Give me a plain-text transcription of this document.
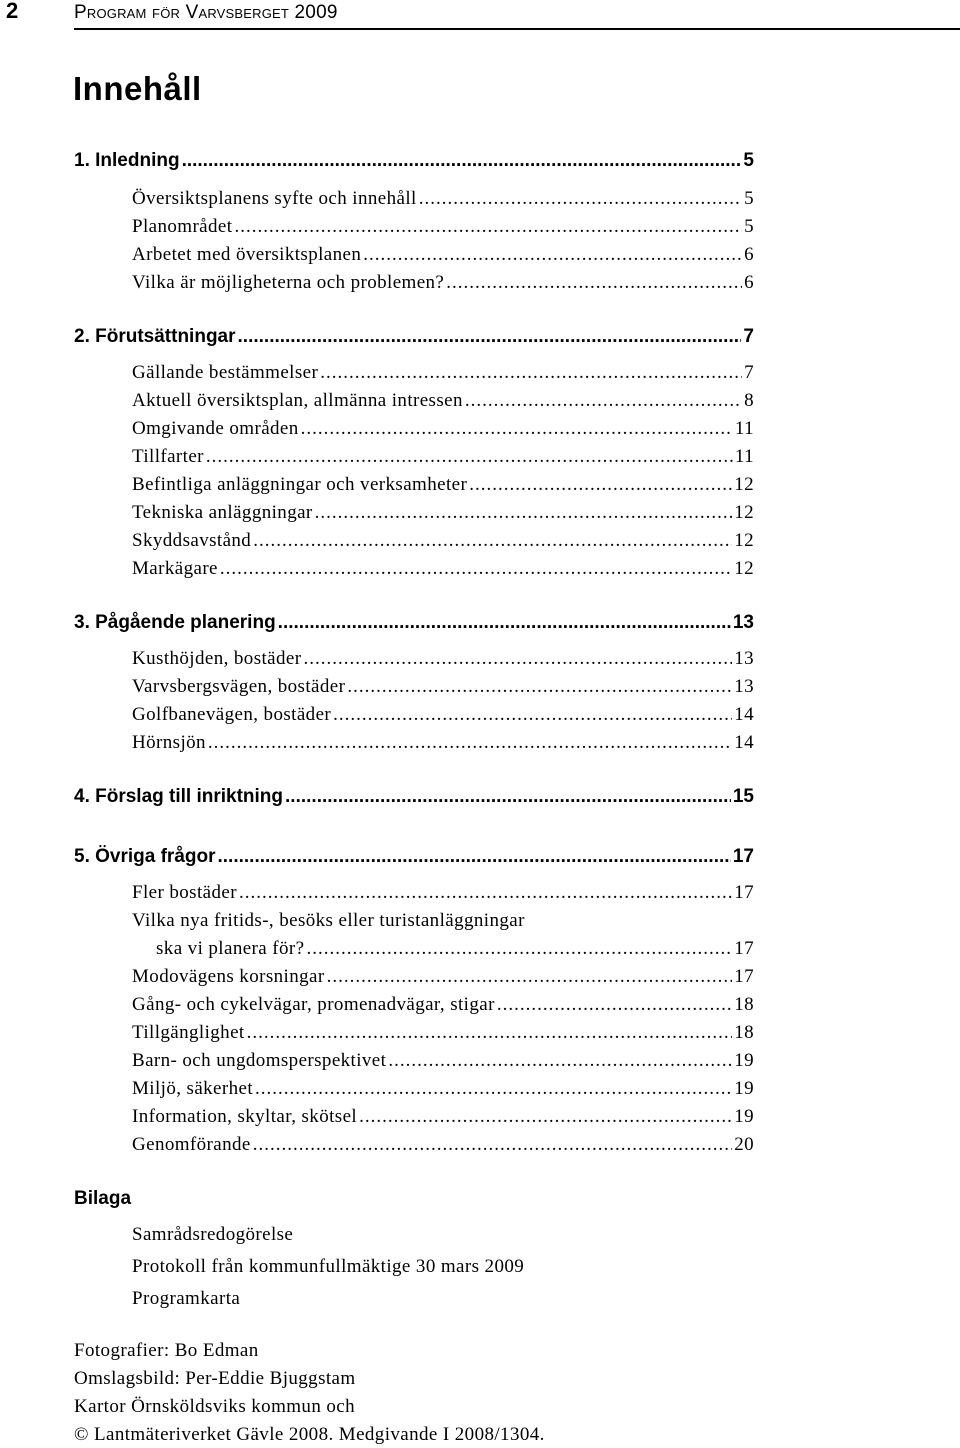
2	Program för Varvsberget 2009
Innehåll
1. Inledning .....	5
Översiktsplanens syfte och innehåll .....	5
Planområdet .....	5
Arbetet med översiktsplanen .....	6
Vilka är möjligheterna och problemen? .....	6
2. Förutsättningar .....	7
Gällande bestämmelser .....	7
Aktuell översiktsplan, allmänna intressen .....	8
Omgivande områden .....	11
Tillfarter .....	11
Befintliga anläggningar och verksamheter .....	12
Tekniska anläggningar .....	12
Skyddsavstånd .....	12
Markägare .....	12
3. Pågående planering .....	13
Kusthöjden, bostäder .....	13
Varvsbergsvägen, bostäder .....	13
Golfbanevägen, bostäder .....	14
Hörnsjön .....	14
4. Förslag till inriktning .....	15
5. Övriga frågor .....	17
Fler bostäder .....	17
Vilka nya fritids-, besöks eller turistanläggningar
ska vi planera för? .....	17
Modovägens korsningar .....	17
Gång- och cykelvägar, promenadvägar, stigar .....	18
Tillgänglighet .....	18
Barn- och ungdomsperspektivet .....	19
Miljö, säkerhet .....	19
Information, skyltar, skötsel .....	19
Genomförande .....	20
Bilaga
Samrådsredogörelse
Protokoll från kommunfullmäktige 30 mars 2009
Programkarta
Fotografier: Bo Edman
Omslagsbild: Per-Eddie Bjuggstam
Kartor Örnsköldsviks kommun och
© Lantmäteriverket Gävle 2008. Medgivande I 2008/1304.
